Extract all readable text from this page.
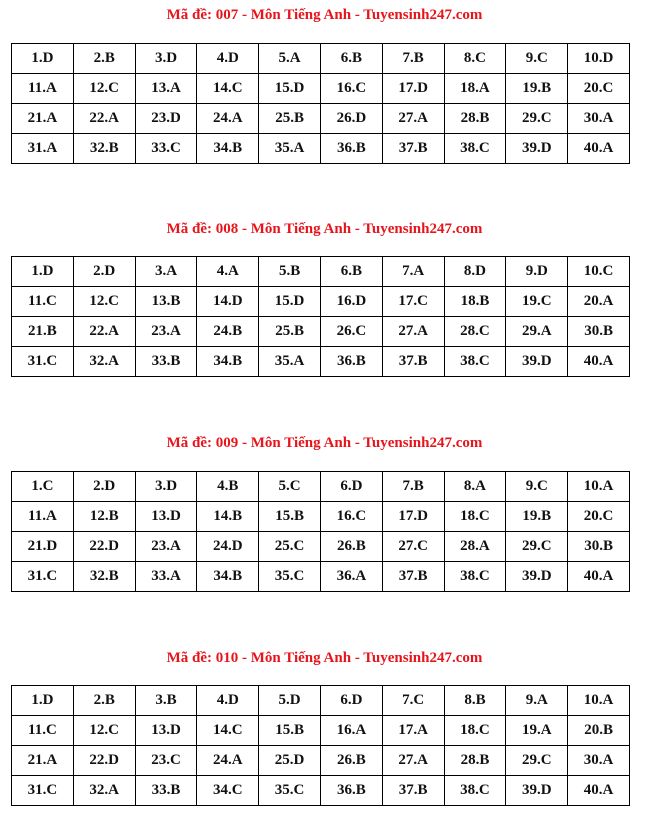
Mã đề: 007 - Môn Tiếng Anh - Tuyensinh247.com
1.D	2.B	3.D	4.D	5.A	6.B	7.B	8.C	9.C	10.D
11.A	12.C	13.A	14.C	15.D	16.C	17.D	18.A	19.B	20.C
21.A	22.A	23.D	24.A	25.B	26.D	27.A	28.B	29.C	30.A
31.A	32.B	33.C	34.B	35.A	36.B	37.B	38.C	39.D	40.A
Mã đề: 008 - Môn Tiếng Anh - Tuyensinh247.com
1.D	2.D	3.A	4.A	5.B	6.B	7.A	8.D	9.D	10.C
11.C	12.C	13.B	14.D	15.D	16.D	17.C	18.B	19.C	20.A
21.B	22.A	23.A	24.B	25.B	26.C	27.A	28.C	29.A	30.B
31.C	32.A	33.B	34.B	35.A	36.B	37.B	38.C	39.D	40.A
Mã đề: 009 - Môn Tiếng Anh - Tuyensinh247.com
1.C	2.D	3.D	4.B	5.C	6.D	7.B	8.A	9.C	10.A
11.A	12.B	13.D	14.B	15.B	16.C	17.D	18.C	19.B	20.C
21.D	22.D	23.A	24.D	25.C	26.B	27.C	28.A	29.C	30.B
31.C	32.B	33.A	34.B	35.C	36.A	37.B	38.C	39.D	40.A
Mã đề: 010 - Môn Tiếng Anh - Tuyensinh247.com
1.D	2.B	3.B	4.D	5.D	6.D	7.C	8.B	9.A	10.A
11.C	12.C	13.D	14.C	15.B	16.A	17.A	18.C	19.A	20.B
21.A	22.D	23.C	24.A	25.D	26.B	27.A	28.B	29.C	30.A
31.C	32.A	33.B	34.C	35.C	36.B	37.B	38.C	39.D	40.A
